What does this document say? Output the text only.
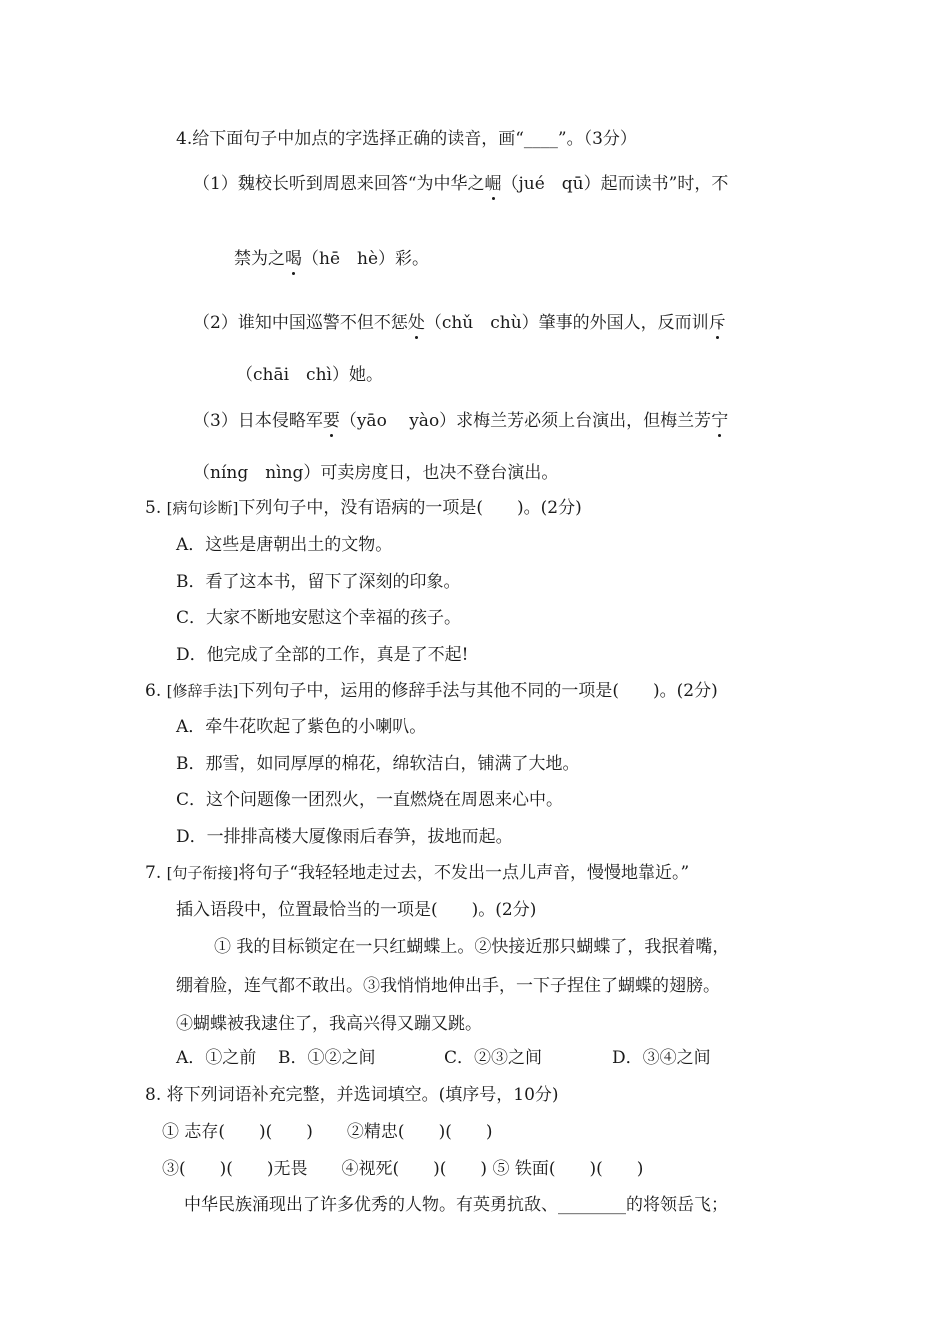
4.给下面句子中加点的字选择正确的读音，画“____”。（3分）
（1）魏校长听到周恩来回答“为中华之崛（jué　qū）起而读书”时，不
禁为之喝（hē　hè）彩。
（2）谁知中国巡警不但不惩处（chǔ　chù）肇事的外国人，反而训斥
（chāi　chì）她。
（3）日本侵略军要（yāo　 yào）求梅兰芳必须上台演出，但梅兰芳宁
（níng　nìng）可卖房度日，也决不登台演出。
5. [病句诊断]下列句子中，没有语病的一项是(　　)。(2分)
A．这些是唐朝出土的文物。
B．看了这本书，留下了深刻的印象。
C．大家不断地安慰这个幸福的孩子。
D．他完成了全部的工作，真是了不起!
6. [修辞手法]下列句子中，运用的修辞手法与其他不同的一项是(　　)。(2分)
A．牵牛花吹起了紫色的小喇叭。
B．那雪，如同厚厚的棉花，绵软洁白，铺满了大地。
C．这个问题像一团烈火，一直燃烧在周恩来心中。
D．一排排高楼大厦像雨后春笋，拔地而起。
7. [句子衔接]将句子“我轻轻地走过去，不发出一点儿声音，慢慢地靠近。”
插入语段中，位置最恰当的一项是(　　)。(2分)
① 我的目标锁定在一只红蝴蝶上。②快接近那只蝴蝶了，我抿着嘴，
绷着脸，连气都不敢出。③我悄悄地伸出手，一下子捏住了蝴蝶的翅膀。
④蝴蝶被我逮住了，我高兴得又蹦又跳。
A．①之前 B．①②之间	C．②③之间	D．③④之间
8. 将下列词语补充完整，并选词填空。(填序号，10分)
① 志存(　　)(　　)　　②精忠(　　)(　　)
③(　　)(　　)无畏　　④视死(　　)(　　) ⑤ 铁面(　　)(　　)
中华民族涌现出了许多优秀的人物。有英勇抗敌、________的将领岳飞；
